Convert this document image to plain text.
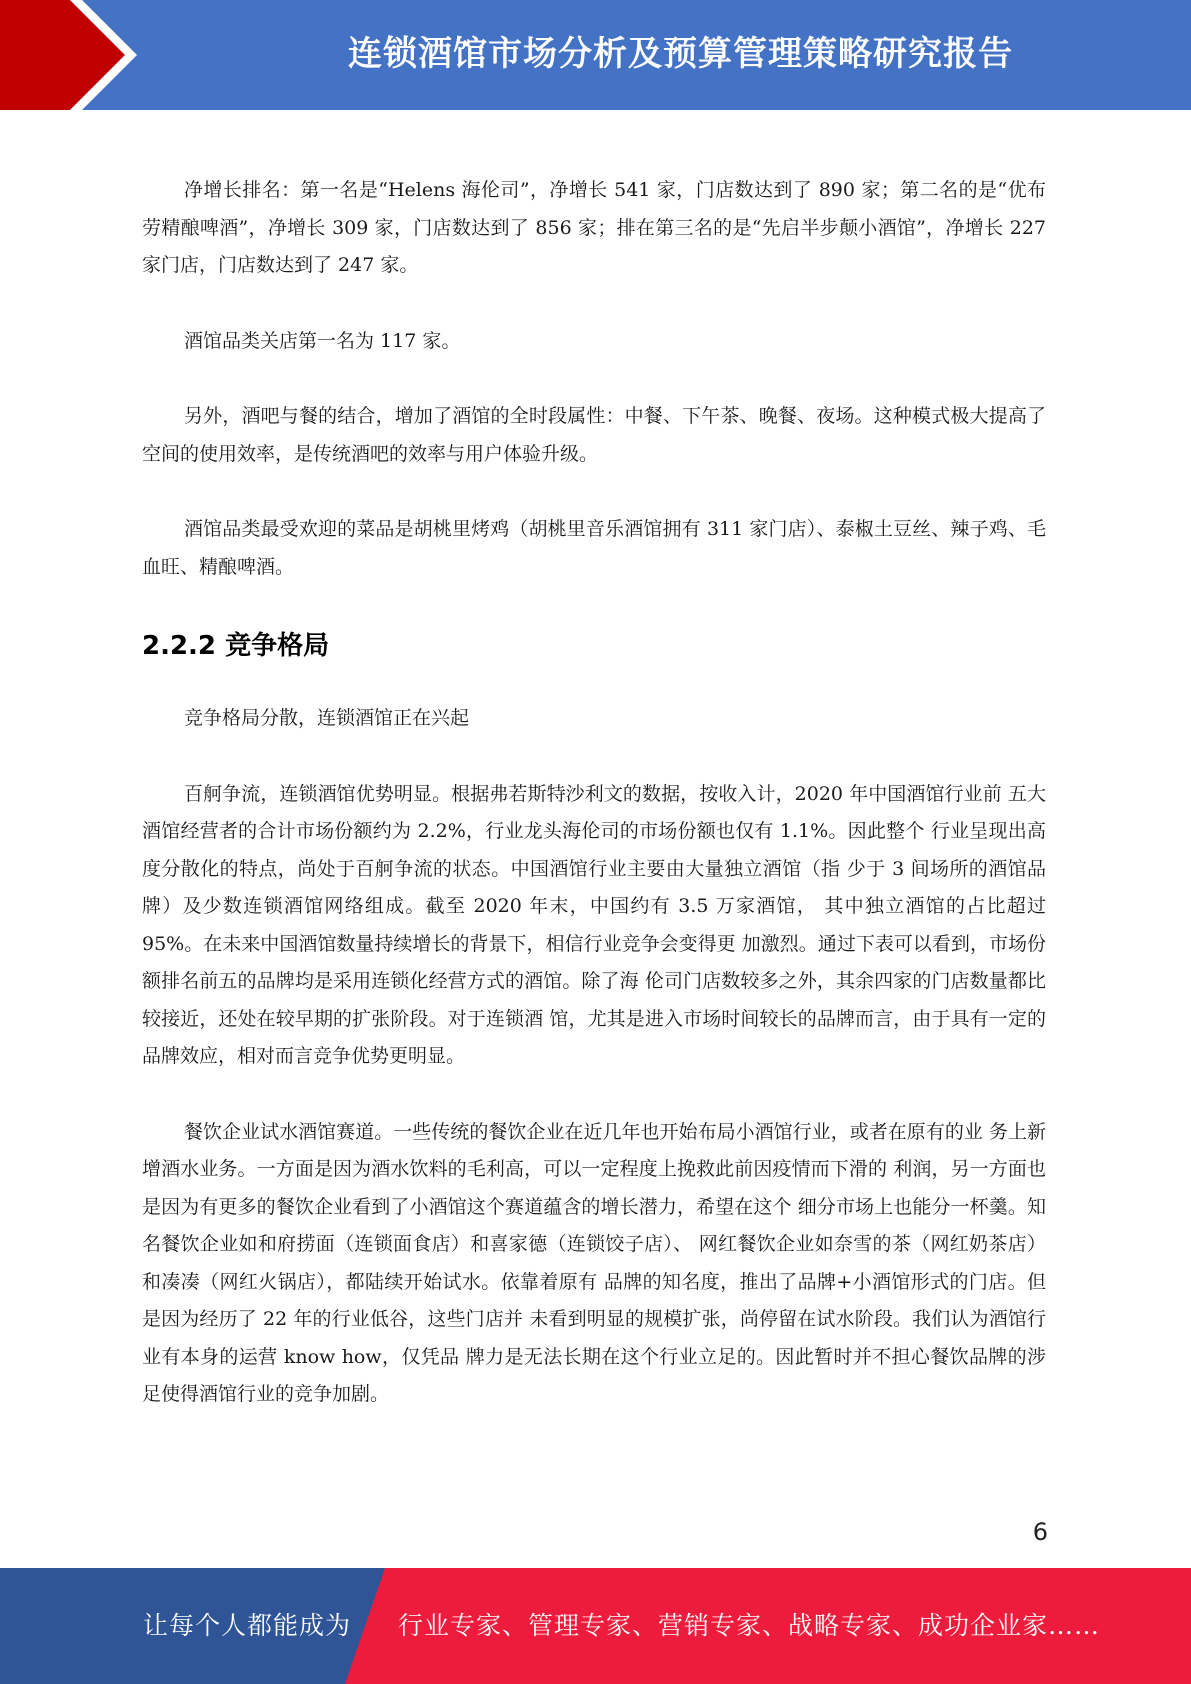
连锁酒馆市场分析及预算管理策略研究报告

净增长排名：第一名是“Helens 海伦司”，净增长 541 家，门店数达到了 890 家；第二名的是“优布劳精酿啤酒”，净增长 309 家，门店数达到了 856 家；排在第三名的是“先启半步颠小酒馆”，净增长 227 家门店，门店数达到了 247 家。

酒馆品类关店第一名为 117 家。

另外，酒吧与餐的结合，增加了酒馆的全时段属性：中餐、下午茶、晚餐、夜场。这种模式极大提高了空间的使用效率，是传统酒吧的效率与用户体验升级。

酒馆品类最受欢迎的菜品是胡桃里烤鸡（胡桃里音乐酒馆拥有 311 家门店）、泰椒土豆丝、辣子鸡、毛血旺、精酿啤酒。

2.2.2 竞争格局

竞争格局分散，连锁酒馆正在兴起

百舸争流，连锁酒馆优势明显。根据弗若斯特沙利文的数据，按收入计，2020 年中国酒馆行业前 五大酒馆经营者的合计市场份额约为 2.2%，行业龙头海伦司的市场份额也仅有 1.1%。因此整个 行业呈现出高度分散化的特点，尚处于百舸争流的状态。中国酒馆行业主要由大量独立酒馆（指 少于 3 间场所的酒馆品牌）及少数连锁酒馆网络组成。截至 2020 年末，中国约有 3.5 万家酒馆， 其中独立酒馆的占比超过 95%。在未来中国酒馆数量持续增长的背景下，相信行业竞争会变得更 加激烈。通过下表可以看到，市场份额排名前五的品牌均是采用连锁化经营方式的酒馆。除了海 伦司门店数较多之外，其余四家的门店数量都比较接近，还处在较早期的扩张阶段。对于连锁酒 馆，尤其是进入市场时间较长的品牌而言，由于具有一定的品牌效应，相对而言竞争优势更明显。

餐饮企业试水酒馆赛道。一些传统的餐饮企业在近几年也开始布局小酒馆行业，或者在原有的业 务上新增酒水业务。一方面是因为酒水饮料的毛利高，可以一定程度上挽救此前因疫情而下滑的 利润，另一方面也是因为有更多的餐饮企业看到了小酒馆这个赛道蕴含的增长潜力，希望在这个 细分市场上也能分一杯羹。知名餐饮企业如和府捞面（连锁面食店）和喜家德（连锁饺子店）、 网红餐饮企业如奈雪的茶（网红奶茶店）和凑凑（网红火锅店），都陆续开始试水。依靠着原有 品牌的知名度，推出了品牌+小酒馆形式的门店。但是因为经历了 22 年的行业低谷，这些门店并 未看到明显的规模扩张，尚停留在试水阶段。我们认为酒馆行业有本身的运营 know how，仅凭品 牌力是无法长期在这个行业立足的。因此暂时并不担心餐饮品牌的涉足使得酒馆行业的竞争加剧。

6
让每个人都能成为 行业专家、管理专家、营销专家、战略专家、成功企业家……
